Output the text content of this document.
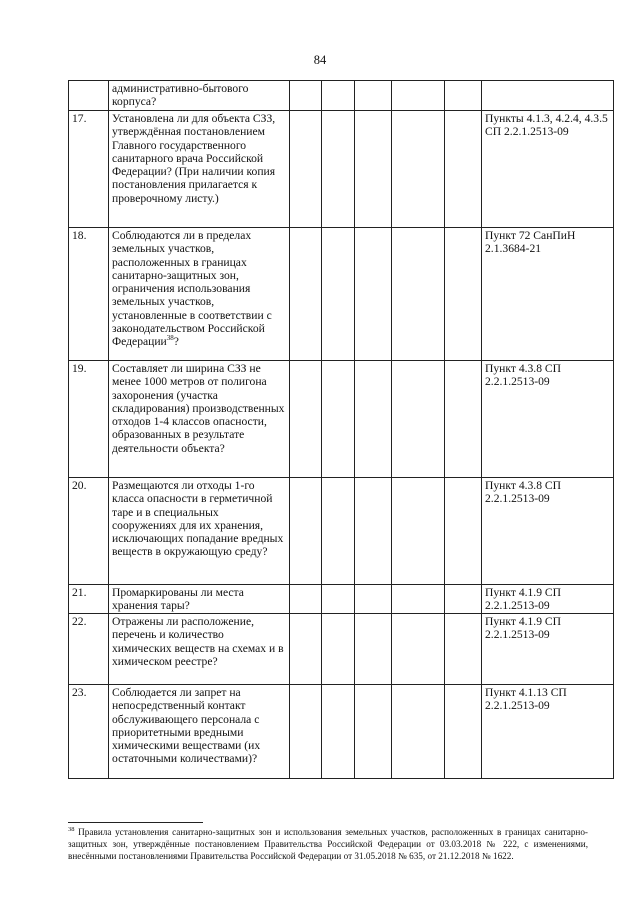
84
	административно-бытового корпуса?						
17.	Установлена ли для объекта СЗЗ, утверждённая постановлением Главного государственного санитарного врача Российской Федерации? (При наличии копия постановления прилагается к проверочному листу.)						Пункты 4.1.3, 4.2.4, 4.3.5 СП 2.2.1.2513-09
18.	Соблюдаются ли в пределах земельных участков, расположенных в границах санитарно-защитных зон, ограничения использования земельных участков, установленные в соответствии с законодательством Российской Федерации$^{38}$?						Пункт 72 СанПиН 2.1.3684-21
19.	Составляет ли ширина СЗЗ не менее 1000 метров от полигона захоронения (участка складирования) производственных отходов 1-4 классов опасности, образованных в результате деятельности объекта?						Пункт 4.3.8 СП 2.2.1.2513-09
20.	Размещаются ли отходы 1-го класса опасности в герметичной таре и в специальных сооружениях для их хранения, исключающих попадание вредных веществ в окружающую среду?						Пункт 4.3.8 СП 2.2.1.2513-09
21.	Промаркированы ли места хранения тары?						Пункт 4.1.9 СП 2.2.1.2513-09
22.	Отражены ли расположение, перечень и количество химических веществ на схемах и в химическом реестре?						Пункт 4.1.9 СП 2.2.1.2513-09
23.	Соблюдается ли запрет на непосредственный контакт обслуживающего персонала с приоритетными вредными химическими веществами (их остаточными количествами)?						Пункт 4.1.13 СП 2.2.1.2513-09
$^{38}$ Правила установления санитарно-защитных зон и использования земельных участков, расположенных в границах санитарно-защитных зон, утверждённые постановлением Правительства Российской Федерации от 03.03.2018 № 222, с изменениями, внесёнными постановлениями Правительства Российской Федерации от 31.05.2018 № 635, от 21.12.2018 № 1622.
